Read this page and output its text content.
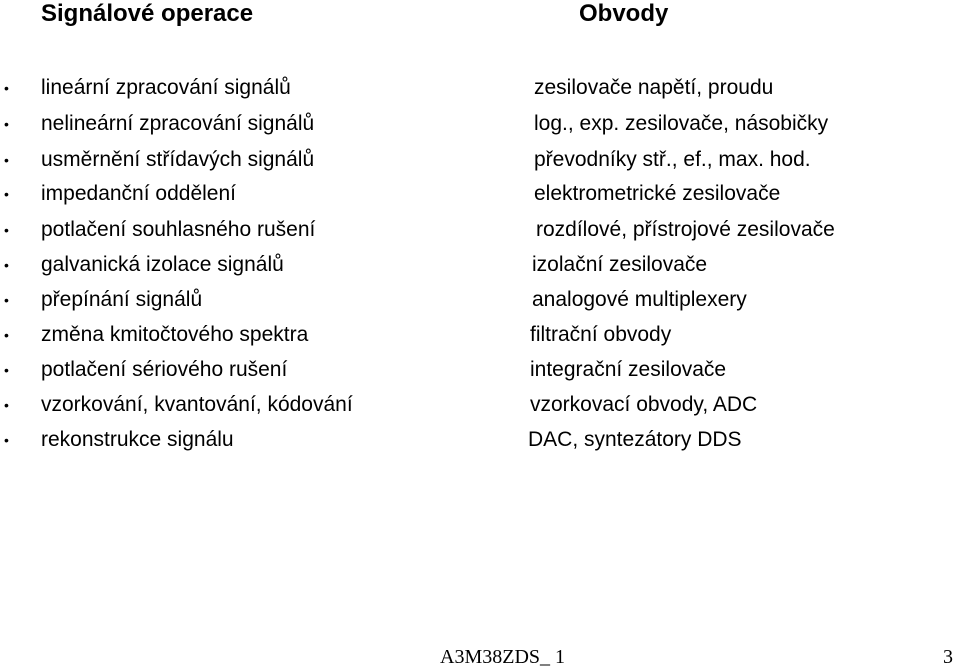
Signálové operace	Obvody
• lineární zpracování signálů	zesilovače napětí, proudu
• nelineární zpracování signálů	log., exp. zesilovače, násobičky
• usměrnění střídavých signálů	převodníky stř., ef., max. hod.
• impedanční oddělení	elektrometrické zesilovače
• potlačení souhlasného rušení	rozdílové, přístrojové zesilovače
• galvanická izolace signálů	izolační zesilovače
• přepínání signálů	analogové multiplexery
• změna kmitočtového spektra	filtrační obvody
• potlačení sériového rušení	integrační zesilovače
• vzorkování, kvantování, kódování	vzorkovací obvody, ADC
• rekonstrukce signálu	DAC, syntezátory DDS
A3M38ZDS_ 1	3
